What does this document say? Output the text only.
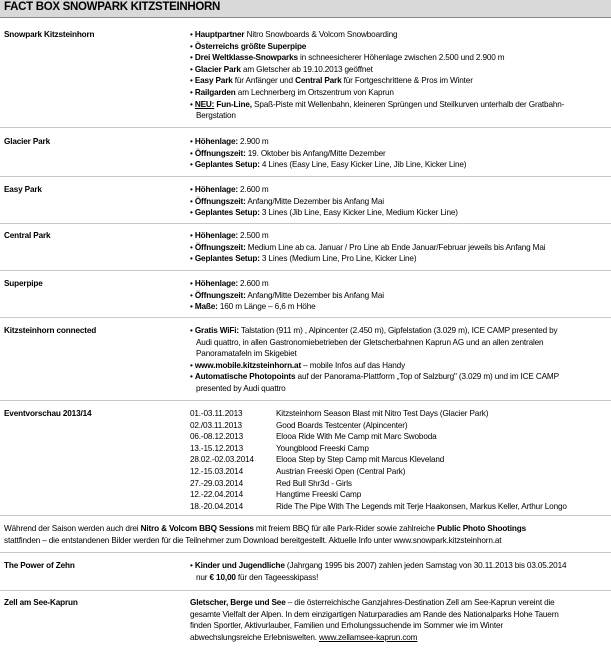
FACT BOX SNOWPARK KITZSTEINHORN
Snowpark Kitzsteinhorn	• Hauptpartner Nitro Snowboards & Volcom Snowboarding
• Österreichs größte Superpipe
• Drei Weltklasse-Snowparks in schneesicherer Höhenlage zwischen 2.500 und 2.900 m
• Glacier Park am Gletscher ab 19.10.2013 geöffnet
• Easy Park für Anfänger und Central Park für Fortgeschrittene & Pros im Winter
• Railgarden am Lechnerberg im Ortszentrum von Kaprun
• NEU: Fun-Line, Spaß-Piste mit Wellenbahn, kleineren Sprüngen und Steilkurven unterhalb der Gratbahn-
Bergstation
Glacier Park	• Höhenlage: 2.900 m
• Öffnungszeit: 19. Oktober bis Anfang/Mitte Dezember
• Geplantes Setup: 4 Lines (Easy Line, Easy Kicker Line, Jib Line, Kicker Line)
Easy Park	• Höhenlage: 2.600 m
• Öffnungszeit: Anfang/Mitte Dezember bis Anfang Mai
• Geplantes Setup: 3 Lines (Jib Line, Easy Kicker Line, Medium Kicker Line)
Central Park	• Höhenlage: 2.500 m
• Öffnungszeit: Medium Line ab ca. Januar / Pro Line ab Ende Januar/Februar jeweils bis Anfang Mai
• Geplantes Setup: 3 Lines (Medium Line, Pro Line, Kicker Line)
Superpipe	• Höhenlage: 2.600 m
• Öffnungszeit: Anfang/Mitte Dezember bis Anfang Mai
• Maße: 160 m Länge – 6,6 m Höhe
Kitzsteinhorn connected	• Gratis WiFi: Talstation (911 m) , Alpincenter (2.450 m), Gipfelstation (3.029 m), ICE CAMP presented by
Audi quattro, in allen Gastronomiebetrieben der Gletscherbahnen Kaprun AG und an allen zentralen
Panoramatafeln im Skigebiet
• www.mobile.kitzsteinhorn.at – mobile Infos auf das Handy
• Automatische Photopoints auf der Panorama-Plattform „Top of Salzburg" (3.029 m) und im ICE CAMP
presented by Audi quattro
Eventvorschau 2013/14	01.-03.11.2013	Kitzsteinhorn Season Blast mit Nitro Test Days (Glacier Park)
02./03.11.2013	Good Boards Testcenter (Alpincenter)
06.-08.12.2013	Elooa Ride With Me Camp mit Marc Swoboda
13.-15.12.2013	Youngblood Freeski Camp
28.02.-02.03.2014	Elooa Step by Step Camp mit Marcus Kleveland
12.-15.03.2014	Austrian Freeski Open (Central Park)
27.-29.03.2014	Red Bull Shr3d - Girls
12.-22.04.2014	Hangtime Freeski Camp
18.-20.04.2014	Ride The Pipe With The Legends mit Terje Haakonsen, Markus Keller, Arthur Longo
Während der Saison werden auch drei Nitro & Volcom BBQ Sessions mit freiem BBQ für alle Park-Rider sowie zahlreiche Public Photo Shootings
stattfinden – die entstandenen Bilder werden für die Teilnehmer zum Download bereitgestellt. Aktuelle Info unter www.snowpark.kitzsteinhorn.at
The Power of Zehn	• Kinder und Jugendliche (Jahrgang 1995 bis 2007) zahlen jeden Samstag von 30.11.2013 bis 03.05.2014
nur € 10,00 für den Tageesskipass!
Zell am See-Kaprun	Gletscher, Berge und See – die österreichische Ganzjahres-Destination Zell am See-Kaprun vereint die
gesamte Vielfalt der Alpen. In dem einzigartigen Naturparadies am Rande des Nationalparks Hohe Tauern
finden Sportler, Aktivurlauber, Familien und Erholungssuchende im Sommer wie im Winter
abwechslungsreiche Erlebniswelten. www.zellamsee-kaprun.com
